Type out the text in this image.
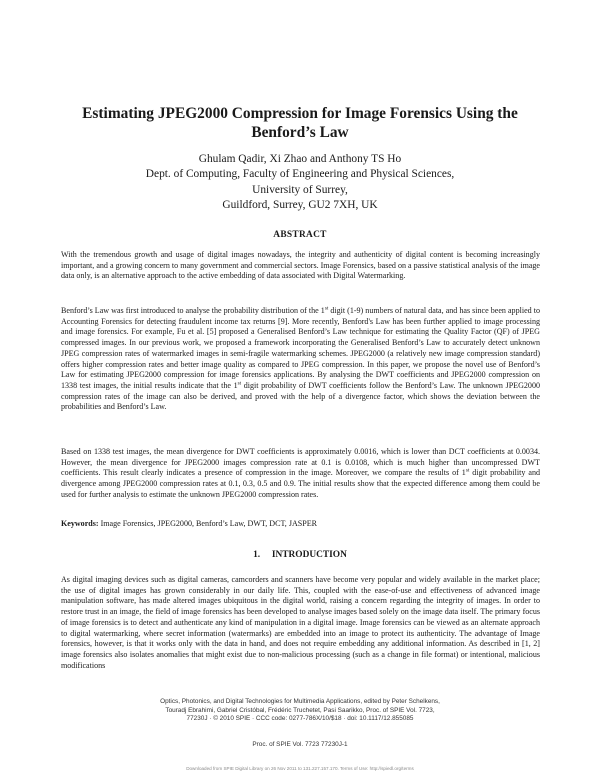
Estimating JPEG2000 Compression for Image Forensics Using the
Benford’s Law
Ghulam Qadir, Xi Zhao and Anthony TS Ho
Dept. of Computing, Faculty of Engineering and Physical Sciences,
University of Surrey,
Guildford, Surrey, GU2 7XH, UK
ABSTRACT
With the tremendous growth and usage of digital images nowadays, the integrity and authenticity of digital content is becoming increasingly important, and a growing concern to many government and commercial sectors. Image Forensics, based on a passive statistical analysis of the image data only, is an alternative approach to the active embedding of data associated with Digital Watermarking.
Benford’s Law was first introduced to analyse the probability distribution of the 1st digit (1-9) numbers of natural data, and has since been applied to Accounting Forensics for detecting fraudulent income tax returns [9]. More recently, Benford's Law has been further applied to image processing and image forensics. For example, Fu et al. [5] proposed a Generalised Benford’s Law technique for estimating the Quality Factor (QF) of JPEG compressed images. In our previous work, we proposed a framework incorporating the Generalised Benford’s Law to accurately detect unknown JPEG compression rates of watermarked images in semi-fragile watermarking schemes. JPEG2000 (a relatively new image compression standard) offers higher compression rates and better image quality as compared to JPEG compression. In this paper, we propose the novel use of Benford’s Law for estimating JPEG2000 compression for image forensics applications. By analysing the DWT coefficients and JPEG2000 compression on 1338 test images, the initial results indicate that the 1st digit probability of DWT coefficients follow the Benford’s Law. The unknown JPEG2000 compression rates of the image can also be derived, and proved with the help of a divergence factor, which shows the deviation between the probabilities and Benford’s Law.
Based on 1338 test images, the mean divergence for DWT coefficients is approximately 0.0016, which is lower than DCT coefficients at 0.0034. However, the mean divergence for JPEG2000 images compression rate at 0.1 is 0.0108, which is much higher than uncompressed DWT coefficients. This result clearly indicates a presence of compression in the image. Moreover, we compare the results of 1st digit probability and divergence among JPEG2000 compression rates at 0.1, 0.3, 0.5 and 0.9. The initial results show that the expected difference among them could be used for further analysis to estimate the unknown JPEG2000 compression rates.
Keywords: Image Forensics, JPEG2000, Benford’s Law, DWT, DCT, JASPER
1.     INTRODUCTION
As digital imaging devices such as digital cameras, camcorders and scanners have become very popular and widely available in the market place; the use of digital images has grown considerably in our daily life. This, coupled with the ease-of-use and effectiveness of advanced image manipulation software, has made altered images ubiquitous in the digital world, raising a concern regarding the integrity of images. In order to restore trust in an image, the field of image forensics has been developed to analyse images based solely on the image data itself. The primary focus of image forensics is to detect and authenticate any kind of manipulation in a digital image. Image forensics can be viewed as an alternate approach to digital watermarking, where secret information (watermarks) are embedded into an image to protect its authenticity. The advantage of Image forensics, however, is that it works only with the data in hand, and does not require embedding any additional information. As described in [1, 2] image forensics also isolates anomalies that might exist due to non-malicious processing (such as a change in file format) or intentional, malicious modifications
Optics, Photonics, and Digital Technologies for Multimedia Applications, edited by Peter Schelkens,
Touradj Ebrahimi, Gabriel Cristóbal, Frédéric Truchetet, Pasi Saarikko, Proc. of SPIE Vol. 7723,
77230J · © 2010 SPIE · CCC code: 0277-786X/10/$18 · doi: 10.1117/12.855085
Proc. of SPIE Vol. 7723 77230J-1
Downloaded from SPIE Digital Library on 26 Nov 2011 to 131.227.157.170. Terms of Use: http://spiedl.org/terms
